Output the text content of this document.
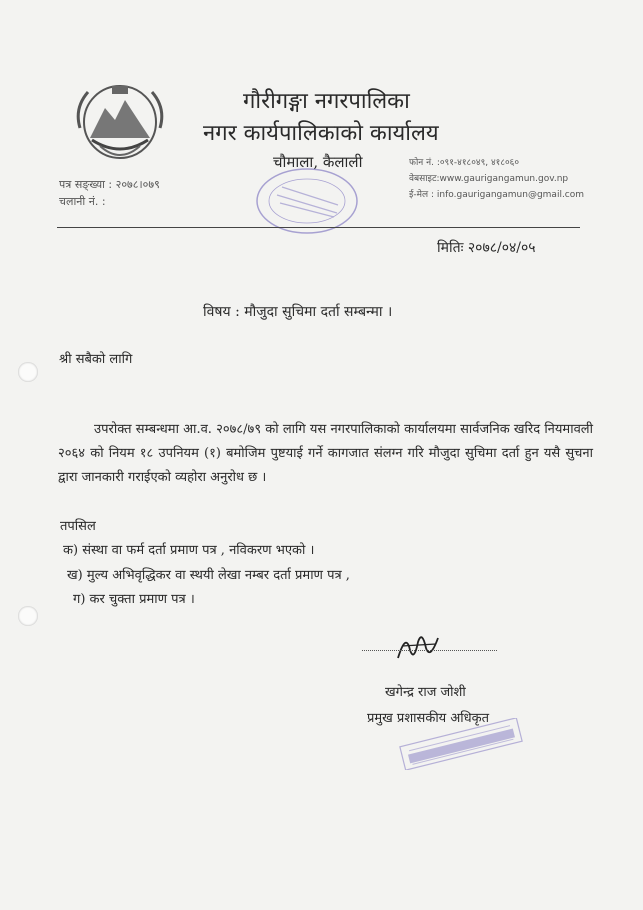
गौरीगङ्गा नगरपालिका
नगर कार्यपालिकाको कार्यालय
चौमाला, कैलाली
पत्र सङ्ख्या : २०७८।०७९
चलानी नं. :
फोन नं. :०९१-४१८०४९, ४१८०६०
वेबसाइट:www.gaurigangamun.gov.np
ई-मेल : info.gaurigangamun@gmail.com
मितिः २०७८/०४/०५
विषय : मौजुदा सुचिमा दर्ता सम्बन्मा ।
श्री सबैको लागि
उपरोक्त सम्बन्धमा आ.व. २०७८/७९ को लागि यस नगरपालिकाको कार्यालयमा सार्वजनिक खरिद नियमावली २०६४ को नियम १८ उपनियम (१) बमोजिम पुष्टयाई गर्ने कागजात संलग्न गरि मौजुदा सुचिमा दर्ता हुन यसै सुचना द्वारा जानकारी गराईएको व्यहोरा अनुरोध छ ।
तपसिल
क) संस्था वा फर्म दर्ता प्रमाण पत्र , नविकरण भएको ।
ख) मुल्य अभिवृद्धिकर वा स्थयी लेखा नम्बर दर्ता प्रमाण पत्र ,
ग) कर चुक्ता प्रमाण पत्र ।
खगेन्द्र राज जोशी
प्रमुख प्रशासकीय अधिकृत
